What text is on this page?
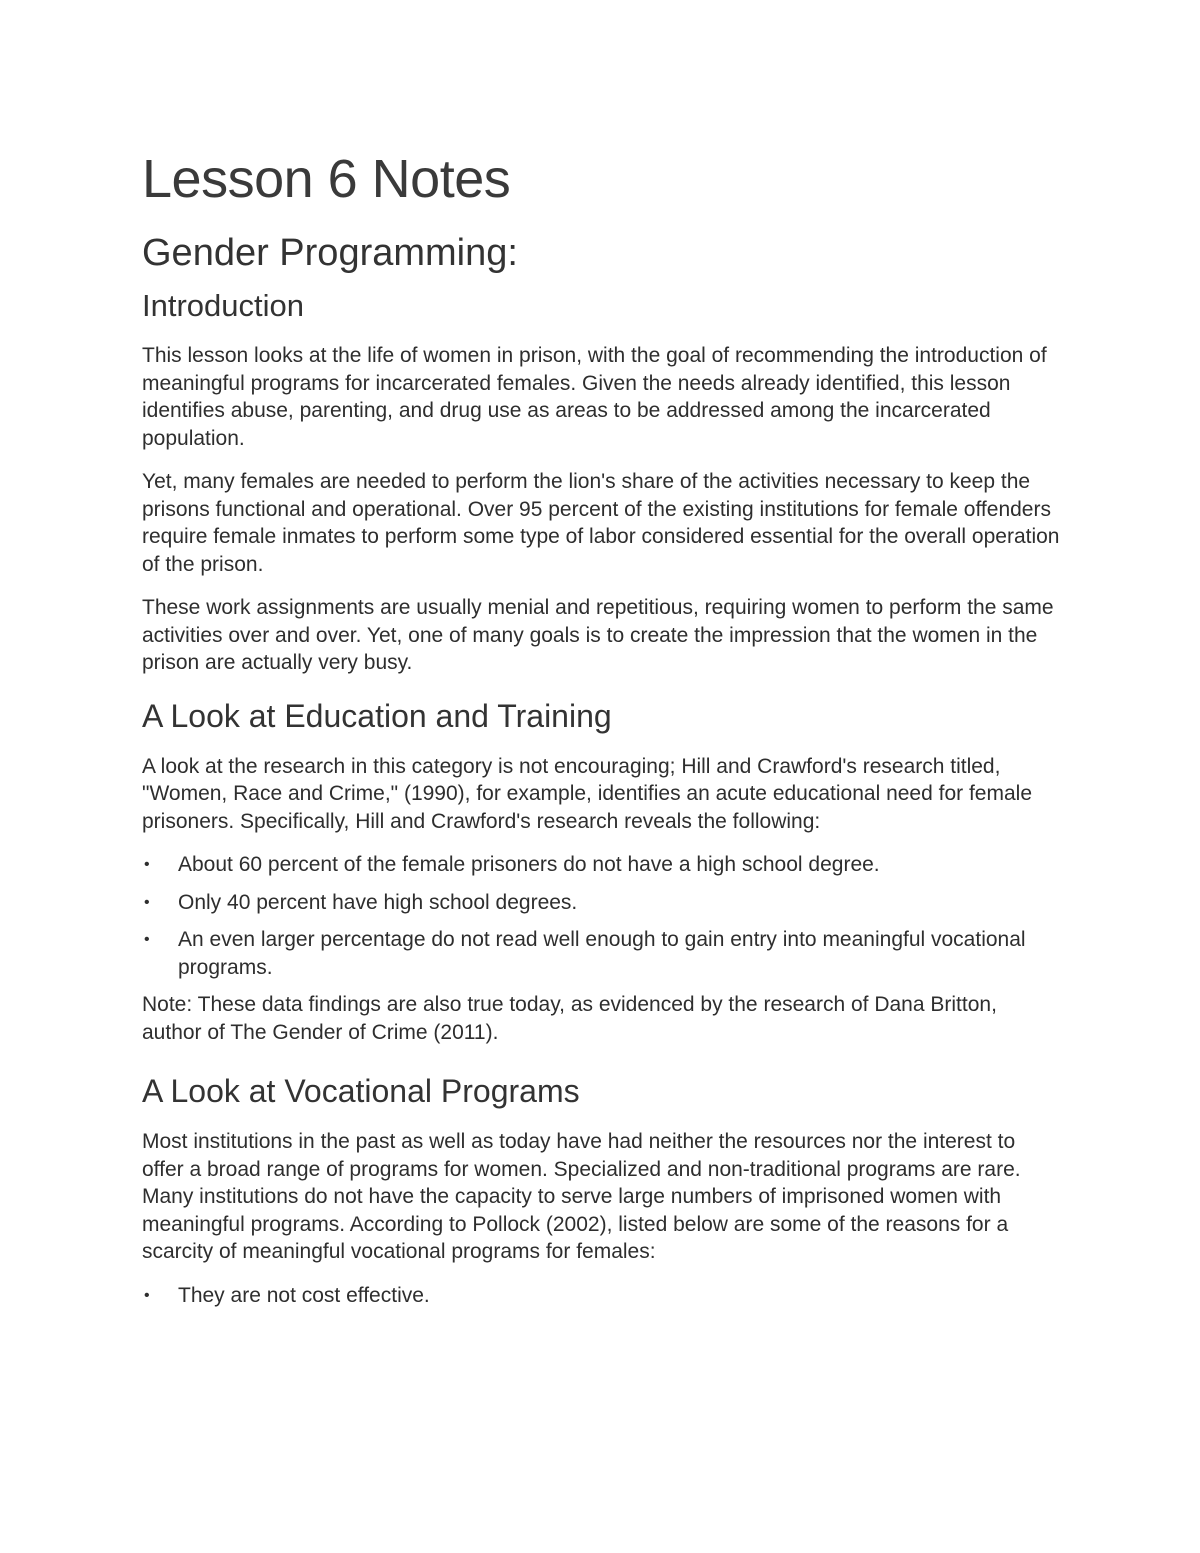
Lesson 6 Notes
Gender Programming:
Introduction

This lesson looks at the life of women in prison, with the goal of recommending the introduction of meaningful programs for incarcerated females. Given the needs already identified, this lesson identifies abuse, parenting, and drug use as areas to be addressed among the incarcerated population.

Yet, many females are needed to perform the lion's share of the activities necessary to keep the prisons functional and operational. Over 95 percent of the existing institutions for female offenders require female inmates to perform some type of labor considered essential for the overall operation of the prison.

These work assignments are usually menial and repetitious, requiring women to perform the same activities over and over. Yet, one of many goals is to create the impression that the women in the prison are actually very busy.

A Look at Education and Training

A look at the research in this category is not encouraging; Hill and Crawford's research titled, "Women, Race and Crime," (1990), for example, identifies an acute educational need for female prisoners. Specifically, Hill and Crawford's research reveals the following:

• About 60 percent of the female prisoners do not have a high school degree.
• Only 40 percent have high school degrees.
• An even larger percentage do not read well enough to gain entry into meaningful vocational programs.

Note: These data findings are also true today, as evidenced by the research of Dana Britton, author of The Gender of Crime (2011).

A Look at Vocational Programs

Most institutions in the past as well as today have had neither the resources nor the interest to offer a broad range of programs for women. Specialized and non-traditional programs are rare. Many institutions do not have the capacity to serve large numbers of imprisoned women with meaningful programs. According to Pollock (2002), listed below are some of the reasons for a scarcity of meaningful vocational programs for females:

• They are not cost effective.
